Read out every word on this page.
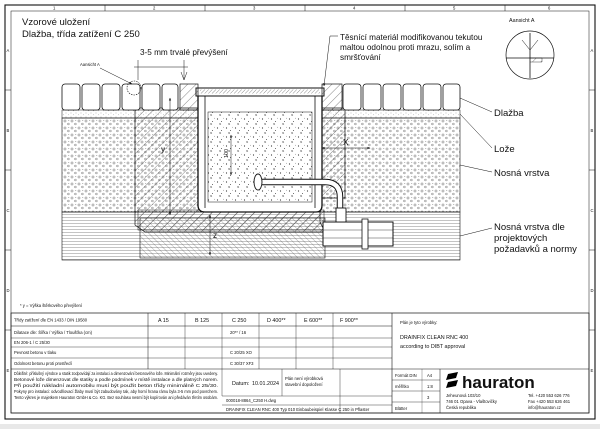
1	2	3	4	5	6
A
B
C
D
E
A
B
C
D
E
Vzorové uložení
Dlažba, třída zatížení C 250
3-5 mm trvalé převýšení
Aansicht A
y
z
X
100
Těsnící materiál modifikovanou tekutou
maltou odolnou proti mrazu, solím a
smršťování
Aansicht A
Dlažba
Lože
Nosná vrstva
Nosná vrstva dle
projektových
požadavků a normy
* y = Výška štěrkového převýšení
Třídy zatížení dle EN 1433 / DIN 19580	A 15	B 125	C 250	D 400**	E 600**	F 900**
Dilatace dle: Šířka / Výška / Tloušťka (cm)	20** / 16
EN 206-1 / C 25/30
Pevnost betonu v tlaku	C 20/25 XO
Odolnost betonu proti prostředí	C 30/37 XF3
Důležité: příslušný výrobce a statik zodpovídají za instalaci a dimenzování betonového lože. Minimální rozměry jsou uvedeny.
Betonové lože dimenzovat dle statiky a podle podmínek v místě instalace a dle platných norem.
Při použití nákladní automobilu musí být použit beton třídy minimálně C 25/30.
Pokyny pro instalaci: odvodňovací žlaby musí být zabudovány tak, aby horní hrana rámu byla 3-5 mm pod povrchem.
Tento výkres je majetkem Hauraton GmbH & Co. KG. Bez souhlasu nesmí být kopírován ani předáván třetím osobám.
Datum: 10.01.2024
Plán není výrobková
stavební dopoložení
000018-8864_C250 H.dwg
DRAINFIX CLEAN RNC 400 Typ 010 Einbaubeispiel Klasse C 250 in Pflaster
Formát DIN A4
měřítko	1:8
3
Blätter
Plán je tyto výrobky:
DRAINFIX CLEAN RNC 400
according to DIBT approval
hauraton
Jeheunová 103/10
746 01 Opava - Vlaštovičky
Česká republika
Tel. +420 553 626 776
Fax +420 553 626 461
info@hauraton.cz
